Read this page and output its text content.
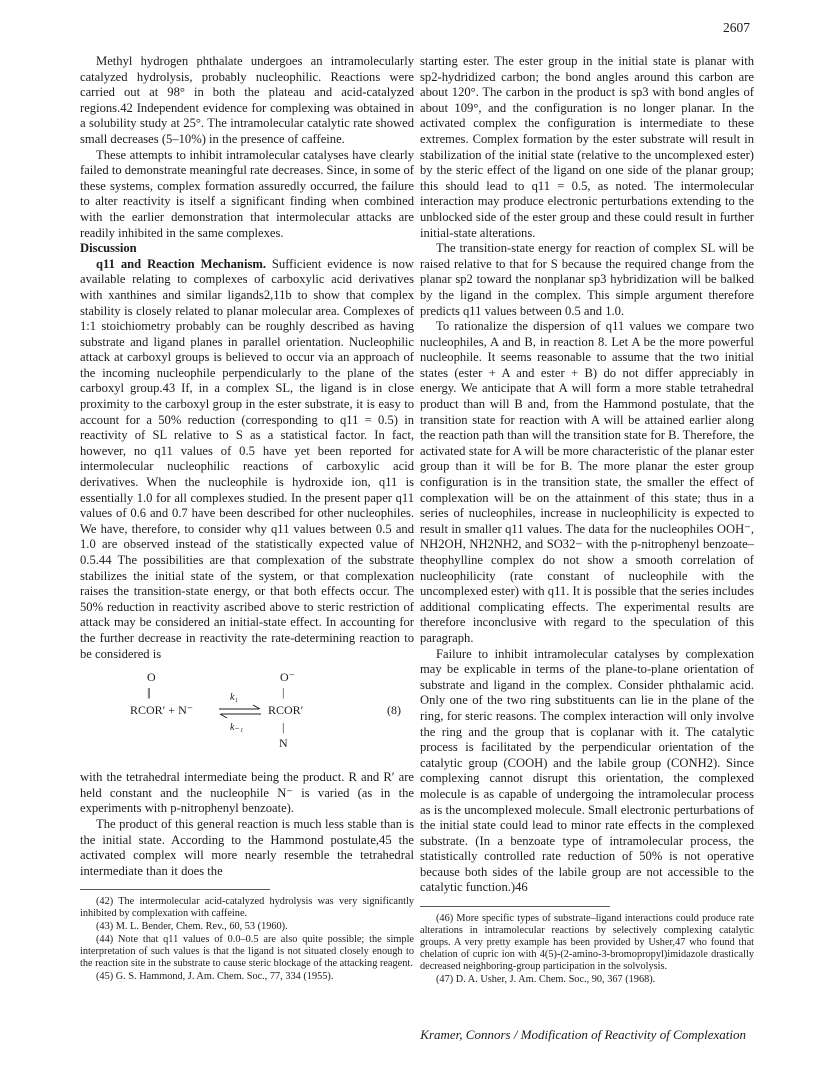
2607

Methyl hydrogen phthalate undergoes an intramolecularly catalyzed hydrolysis, probably nucleophilic. Reactions were carried out at 98° in both the plateau and acid-catalyzed regions.42 Independent evidence for complexing was obtained in a solubility study at 25°. The intramolecular catalytic rate showed small decreases (5–10%) in the presence of caffeine.

These attempts to inhibit intramolecular catalyses have clearly failed to demonstrate meaningful rate decreases. Since, in some of these systems, complex formation assuredly occurred, the failure to alter reactivity is itself a significant finding when combined with the earlier demonstration that intermolecular attacks are readily inhibited in the same complexes.

Discussion

q11 and Reaction Mechanism. Sufficient evidence is now available relating to complexes of carboxylic acid derivatives with xanthines and similar ligands2,11b to show that complex stability is closely related to planar molecular area. Complexes of 1:1 stoichiometry probably can be roughly described as having substrate and ligand planes in parallel orientation. Nucleophilic attack at carboxyl groups is believed to occur via an approach of the incoming nucleophile perpendicularly to the plane of the carboxyl group.43 If, in a complex SL, the ligand is in close proximity to the carboxyl group in the ester substrate, it is easy to account for a 50% reduction (corresponding to q11 = 0.5) in reactivity of SL relative to S as a statistical factor. In fact, however, no q11 values of 0.5 have yet been reported for intermolecular nucleophilic reactions of carboxylic acid derivatives. When the nucleophile is hydroxide ion, q11 is essentially 1.0 for all complexes studied. In the present paper q11 values of 0.6 and 0.7 have been described for other nucleophiles. We have, therefore, to consider why q11 values between 0.5 and 1.0 are observed instead of the statistically expected value of 0.5.44 The possibilities are that complexation of the substrate stabilizes the initial state of the system, or that complexation raises the transition-state energy, or that both effects occur. The 50% reduction in reactivity ascribed above to steric restriction of attack may be considered an initial-state effect. In accounting for the further decrease in reactivity the rate-determining reaction to be considered is

O	O⁻
||	|
k₁
RCOR′ + N⁻ ⇌ RCOR′
k₋₁	|
N
(8)

with the tetrahedral intermediate being the product. R and R′ are held constant and the nucleophile N⁻ is varied (as in the experiments with p-nitrophenyl benzoate).

The product of this general reaction is much less stable than is the initial state. According to the Hammond postulate,45 the activated complex will more nearly resemble the tetrahedral intermediate than it does the

(42) The intermolecular acid-catalyzed hydrolysis was very significantly inhibited by complexation with caffeine.

(43) M. L. Bender, Chem. Rev., 60, 53 (1960).

(44) Note that q11 values of 0.0–0.5 are also quite possible; the simple interpretation of such values is that the ligand is not situated closely enough to the reaction site in the substrate to cause steric blockage of the attacking reagent.

(45) G. S. Hammond, J. Am. Chem. Soc., 77, 334 (1955).

starting ester. The ester group in the initial state is planar with sp2-hydridized carbon; the bond angles around this carbon are about 120°. The carbon in the product is sp3 with bond angles of about 109°, and the configuration is no longer planar. In the activated complex the configuration is intermediate to these extremes. Complex formation by the ester substrate will result in stabilization of the initial state (relative to the uncomplexed ester) by the steric effect of the ligand on one side of the planar group; this should lead to q11 = 0.5, as noted. The intermolecular interaction may produce electronic perturbations extending to the unblocked side of the ester group and these could result in further initial-state alterations.

The transition-state energy for reaction of complex SL will be raised relative to that for S because the required change from the planar sp2 toward the nonplanar sp3 hybridization will be balked by the ligand in the complex. This simple argument therefore predicts q11 values between 0.5 and 1.0.

To rationalize the dispersion of q11 values we compare two nucleophiles, A and B, in reaction 8. Let A be the more powerful nucleophile. It seems reasonable to assume that the two initial states (ester + A and ester + B) do not differ appreciably in energy. We anticipate that A will form a more stable tetrahedral product than will B and, from the Hammond postulate, that the transition state for reaction with A will be attained earlier along the reaction path than will the transition state for B. Therefore, the activated state for A will be more characteristic of the planar ester group than it will be for B. The more planar the ester group configuration is in the transition state, the smaller the effect of complexation will be on the attainment of this state; thus in a series of nucleophiles, increase in nucleophilicity is expected to result in smaller q11 values. The data for the nucleophiles OOH⁻, NH2OH, NH2NH2, and SO32− with the p-nitrophenyl benzoate–theophylline complex do not show a smooth correlation of nucleophilicity (rate constant of nucleophile with the uncomplexed ester) with q11. It is possible that the series includes additional complicating effects. The experimental results are therefore inconclusive with regard to the speculation of this paragraph.

Failure to inhibit intramolecular catalyses by complexation may be explicable in terms of the plane-to-plane orientation of substrate and ligand in the complex. Consider phthalamic acid. Only one of the two ring substituents can lie in the plane of the ring, for steric reasons. The complex interaction will only involve the ring and the group that is coplanar with it. The catalytic process is facilitated by the perpendicular orientation of the catalytic group (COOH) and the labile group (CONH2). Since complexing cannot disrupt this orientation, the complexed molecule is as capable of undergoing the intramolecular process as is the uncomplexed molecule. Small electronic perturbations of the initial state could lead to minor rate effects in the complexed substrate. (In a benzoate type of intramolecular process, the statistically controlled rate reduction of 50% is not operative because both sides of the labile group are not accessible to the catalytic function.)46

(46) More specific types of substrate–ligand interactions could produce rate alterations in intramolecular reactions by selectively complexing catalytic groups. A very pretty example has been provided by Usher,47 who found that chelation of cupric ion with 4(5)-(2-amino-3-bromopropyl)imidazole drastically decreased neighboring-group participation in the solvolysis.

(47) D. A. Usher, J. Am. Chem. Soc., 90, 367 (1968).

Kramer, Connors / Modification of Reactivity of Complexation
